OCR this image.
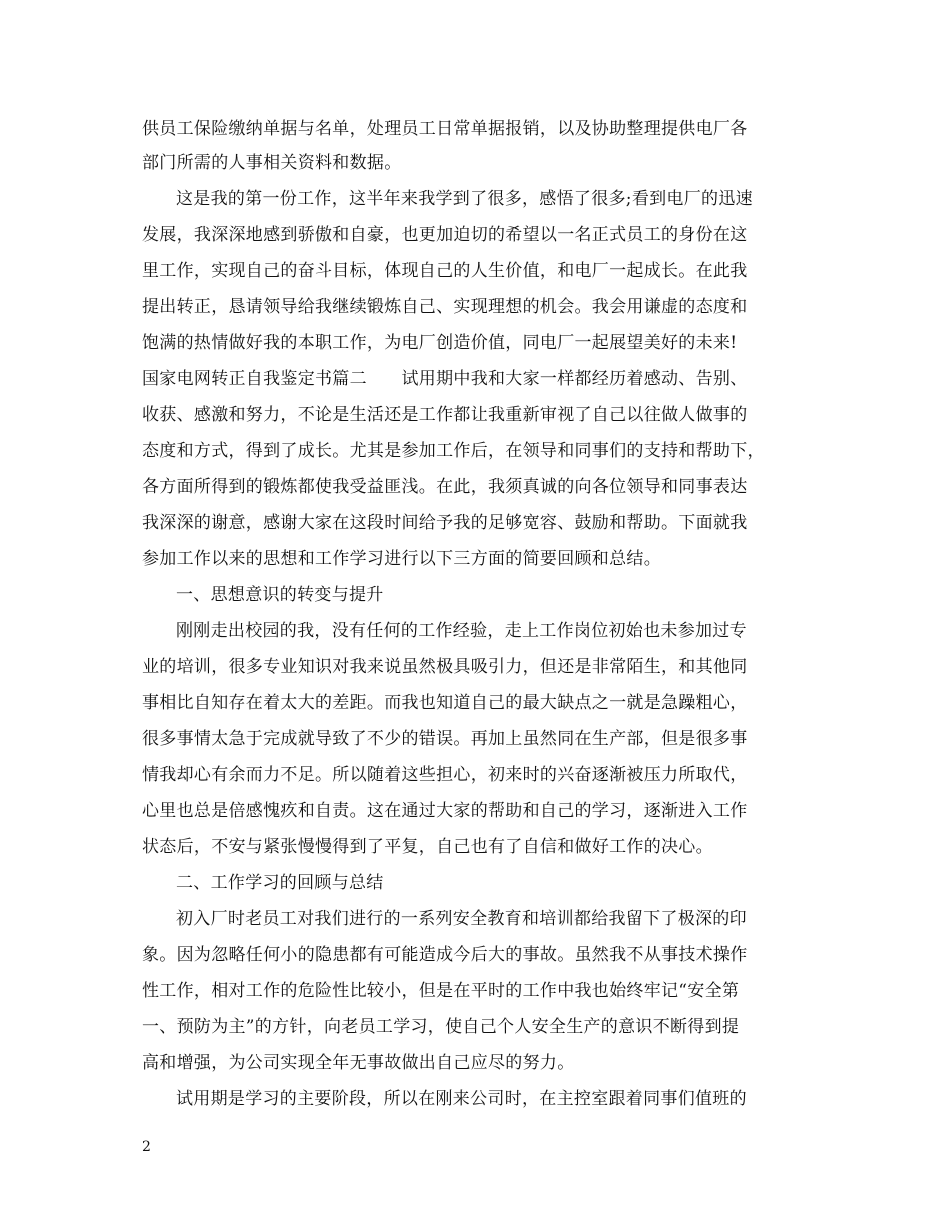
供员工保险缴纳单据与名单，处理员工日常单据报销，以及协助整理提供电厂各
部门所需的人事相关资料和数据。
这是我的第一份工作，这半年来我学到了很多，感悟了很多;看到电厂的迅速
发展，我深深地感到骄傲和自豪，也更加迫切的希望以一名正式员工的身份在这
里工作，实现自己的奋斗目标，体现自己的人生价值，和电厂一起成长。在此我
提出转正，恳请领导给我继续锻炼自己、实现理想的机会。我会用谦虚的态度和
饱满的热情做好我的本职工作，为电厂创造价值，同电厂一起展望美好的未来!
国家电网转正自我鉴定书篇二　　试用期中我和大家一样都经历着感动、告别、
收获、感激和努力，不论是生活还是工作都让我重新审视了自己以往做人做事的
态度和方式，得到了成长。尤其是参加工作后，在领导和同事们的支持和帮助下，
各方面所得到的锻炼都使我受益匪浅。在此，我须真诚的向各位领导和同事表达
我深深的谢意，感谢大家在这段时间给予我的足够宽容、鼓励和帮助。下面就我
参加工作以来的思想和工作学习进行以下三方面的简要回顾和总结。
一、思想意识的转变与提升
刚刚走出校园的我，没有任何的工作经验，走上工作岗位初始也未参加过专
业的培训，很多专业知识对我来说虽然极具吸引力，但还是非常陌生，和其他同
事相比自知存在着太大的差距。而我也知道自己的最大缺点之一就是急躁粗心，
很多事情太急于完成就导致了不少的错误。再加上虽然同在生产部，但是很多事
情我却心有余而力不足。所以随着这些担心，初来时的兴奋逐渐被压力所取代，
心里也总是倍感愧疚和自责。这在通过大家的帮助和自己的学习，逐渐进入工作
状态后，不安与紧张慢慢得到了平复，自己也有了自信和做好工作的决心。
二、工作学习的回顾与总结
初入厂时老员工对我们进行的一系列安全教育和培训都给我留下了极深的印
象。因为忽略任何小的隐患都有可能造成今后大的事故。虽然我不从事技术操作
性工作，相对工作的危险性比较小，但是在平时的工作中我也始终牢记“安全第
一、预防为主”的方针，向老员工学习，使自己个人安全生产的意识不断得到提
高和增强，为公司实现全年无事故做出自己应尽的努力。
试用期是学习的主要阶段，所以在刚来公司时，在主控室跟着同事们值班的
2
